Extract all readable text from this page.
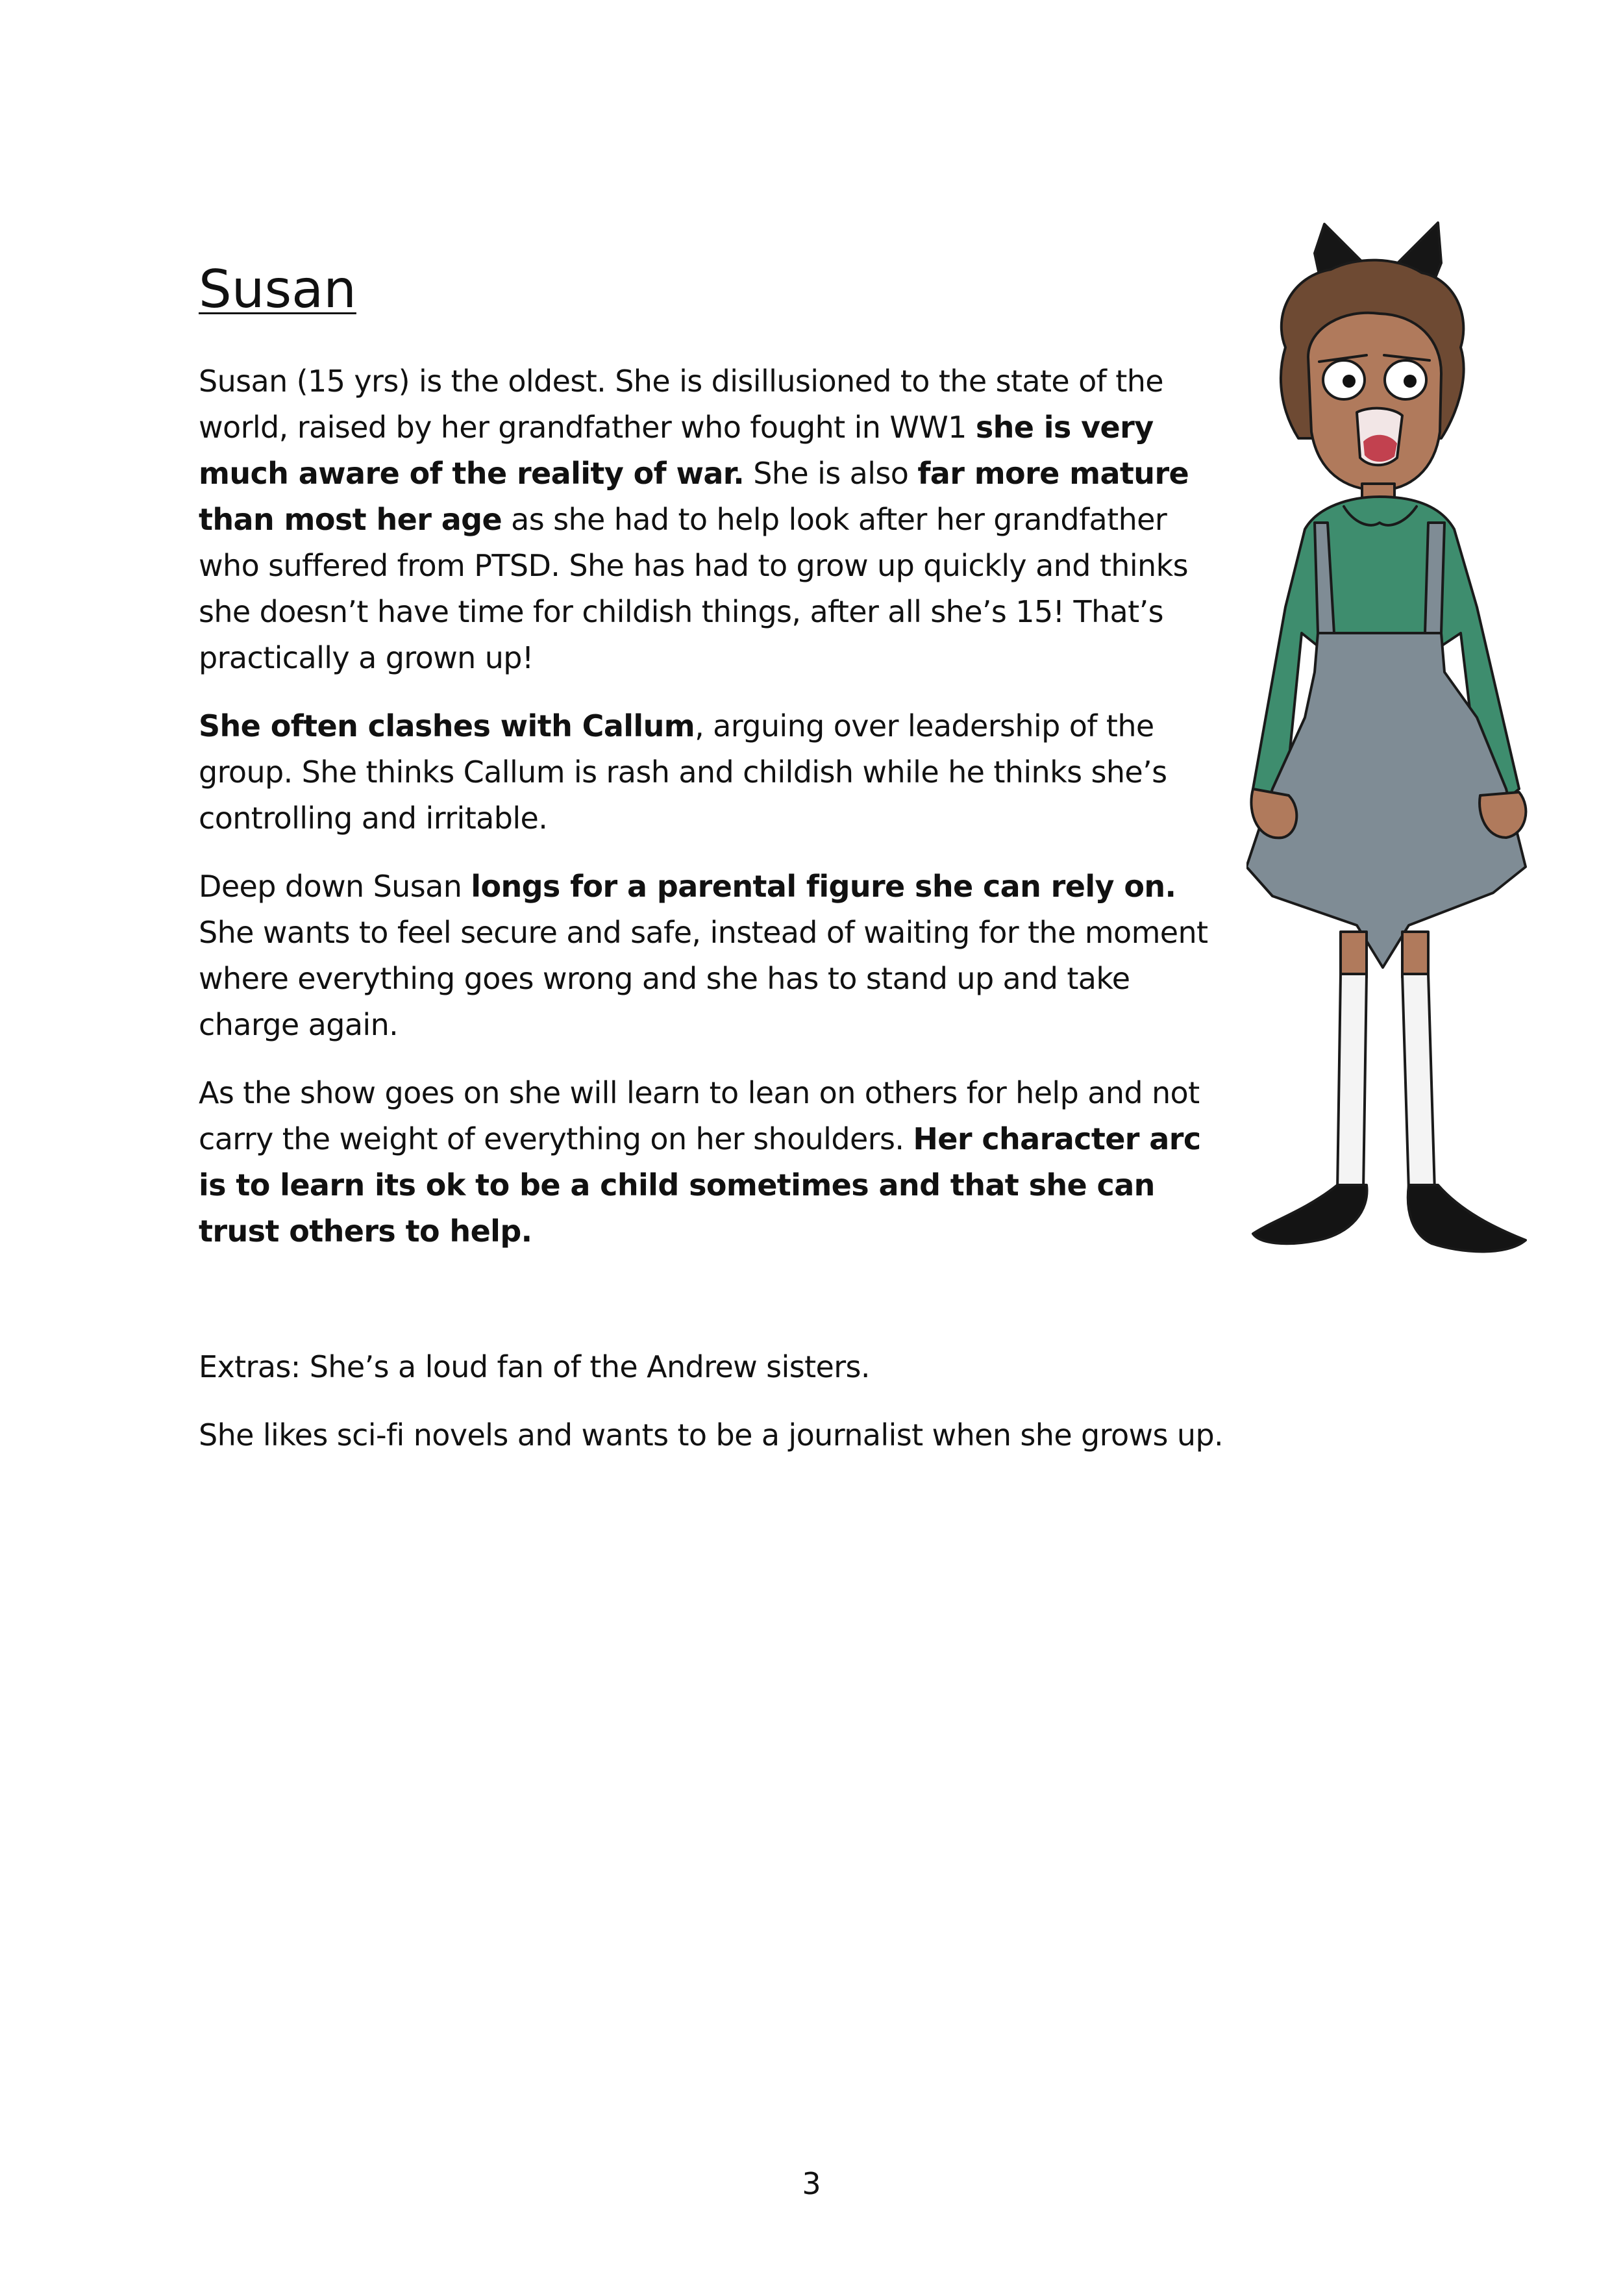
Susan

Susan (15 yrs) is the oldest. She is disillusioned to the state of the world, raised by her grandfather who fought in WW1 she is very much aware of the reality of war. She is also far more mature than most her age as she had to help look after her grandfather who suffered from PTSD. She has had to grow up quickly and thinks she doesn’t have time for childish things, after all she’s 15! That’s practically a grown up!

She often clashes with Callum, arguing over leadership of the group. She thinks Callum is rash and childish while he thinks she’s controlling and irritable.

Deep down Susan longs for a parental figure she can rely on. She wants to feel secure and safe, instead of waiting for the moment where everything goes wrong and she has to stand up and take charge again.

As the show goes on she will learn to lean on others for help and not carry the weight of everything on her shoulders. Her character arc is to learn its ok to be a child sometimes and that she can trust others to help.

Extras: She’s a loud fan of the Andrew sisters.

She likes sci-fi novels and wants to be a journalist when she grows up.

3
